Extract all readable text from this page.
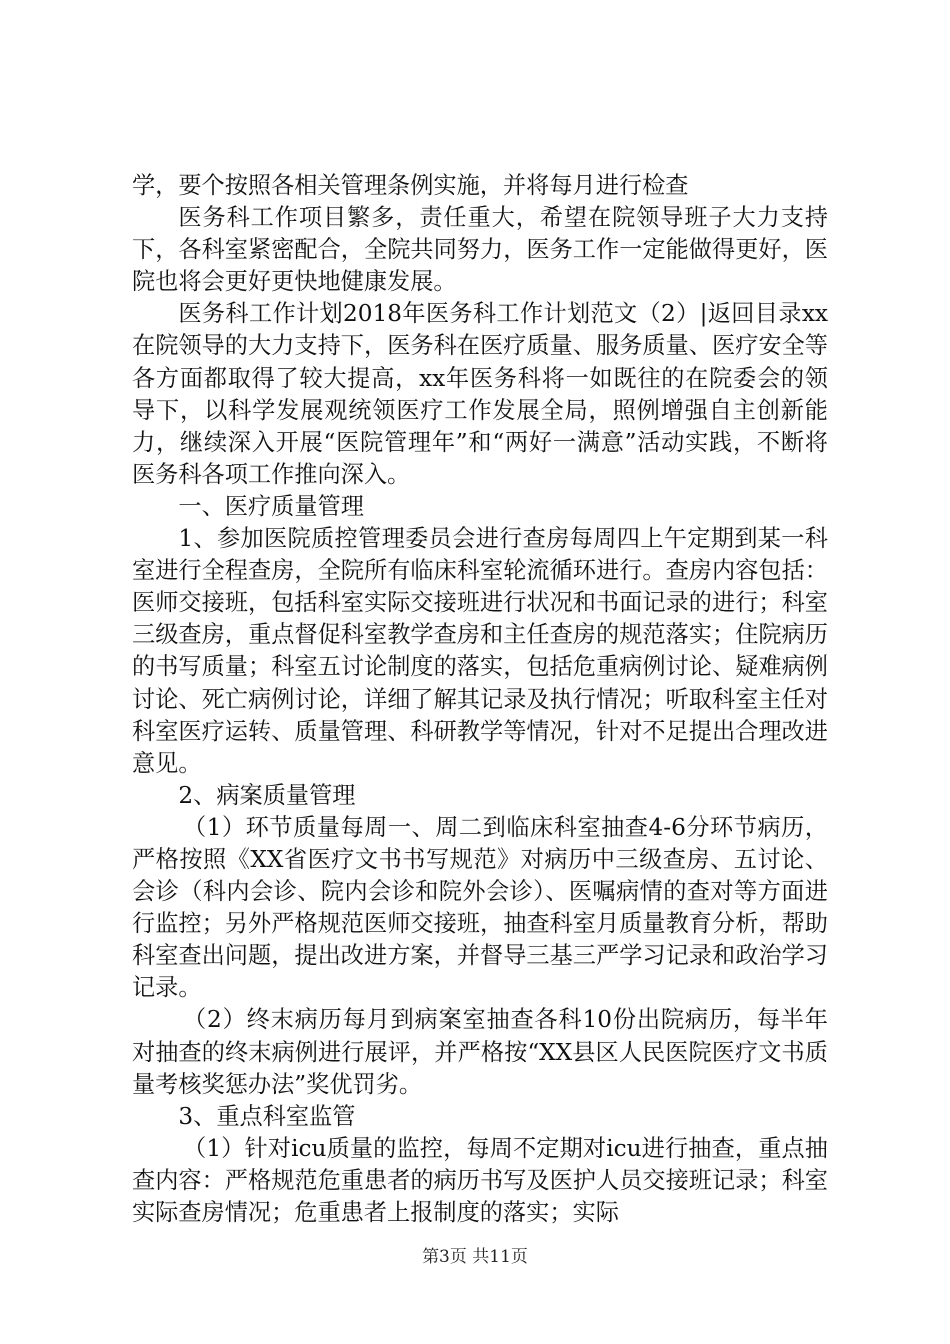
学，要个按照各相关管理条例实施，并将每月进行检查

医务科工作项目繁多，责任重大，希望在院领导班子大力支持下，各科室紧密配合，全院共同努力，医务工作一定能做得更好，医院也将会更好更快地健康发展。

医务科工作计划2018年医务科工作计划范文（2）|返回目录xx在院领导的大力支持下，医务科在医疗质量、服务质量、医疗安全等各方面都取得了较大提高，xx年医务科将一如既往的在院委会的领导下，以科学发展观统领医疗工作发展全局，照例增强自主创新能力，继续深入开展“医院管理年”和“两好一满意”活动实践，不断将医务科各项工作推向深入。

一、医疗质量管理

1、参加医院质控管理委员会进行查房每周四上午定期到某一科室进行全程查房，全院所有临床科室轮流循环进行。查房内容包括：医师交接班，包括科室实际交接班进行状况和书面记录的进行；科室三级查房，重点督促科室教学查房和主任查房的规范落实；住院病历的书写质量；科室五讨论制度的落实，包括危重病例讨论、疑难病例讨论、死亡病例讨论，详细了解其记录及执行情况；听取科室主任对科室医疗运转、质量管理、科研教学等情况，针对不足提出合理改进意见。

2、病案质量管理

（1）环节质量每周一、周二到临床科室抽查4-6分环节病历，严格按照《XX省医疗文书书写规范》对病历中三级查房、五讨论、会诊（科内会诊、院内会诊和院外会诊）、医嘱病情的查对等方面进行监控；另外严格规范医师交接班，抽查科室月质量教育分析，帮助科室查出问题，提出改进方案，并督导三基三严学习记录和政治学习记录。

（2）终末病历每月到病案室抽查各科10份出院病历，每半年对抽查的终末病例进行展评，并严格按“XX县区人民医院医疗文书质量考核奖惩办法”奖优罚劣。

3、重点科室监管

（1）针对icu质量的监控，每周不定期对icu进行抽查，重点抽查内容：严格规范危重患者的病历书写及医护人员交接班记录；科室实际查房情况；危重患者上报制度的落实；实际

第3页 共11页
